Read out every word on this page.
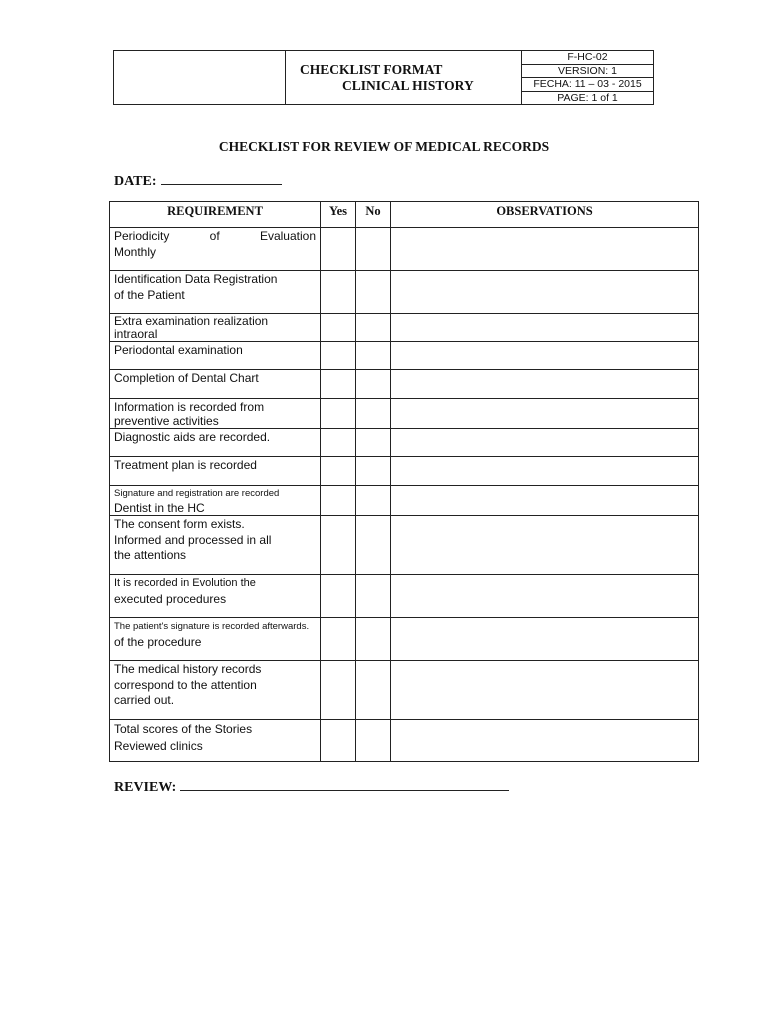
CHECKLIST FORMAT
CLINICAL HISTORY
F-HC-02
VERSION: 1
FECHA: 11 – 03 - 2015
PAGE: 1 of 1
CHECKLIST FOR REVIEW OF MEDICAL RECORDS
DATE:
REQUIREMENT	Yes	No	OBSERVATIONS

Periodicity of Evaluation
Monthly			

Identification Data Registration
of the Patient			

Extra examination realization
intraoral			

Periodontal examination			

Completion of Dental Chart			

Information is recorded from
preventive activities			

Diagnostic aids are recorded.			

Treatment plan is recorded			

Signature and registration are recorded
Dentist in the HC			

The consent form exists.
Informed and processed in all
the attentions			

It is recorded in Evolution the
executed procedures			

The patient's signature is recorded afterwards.
of the procedure			

The medical history records
correspond to the attention
carried out.			

Total scores of the Stories
Reviewed clinics			

REVIEW:
